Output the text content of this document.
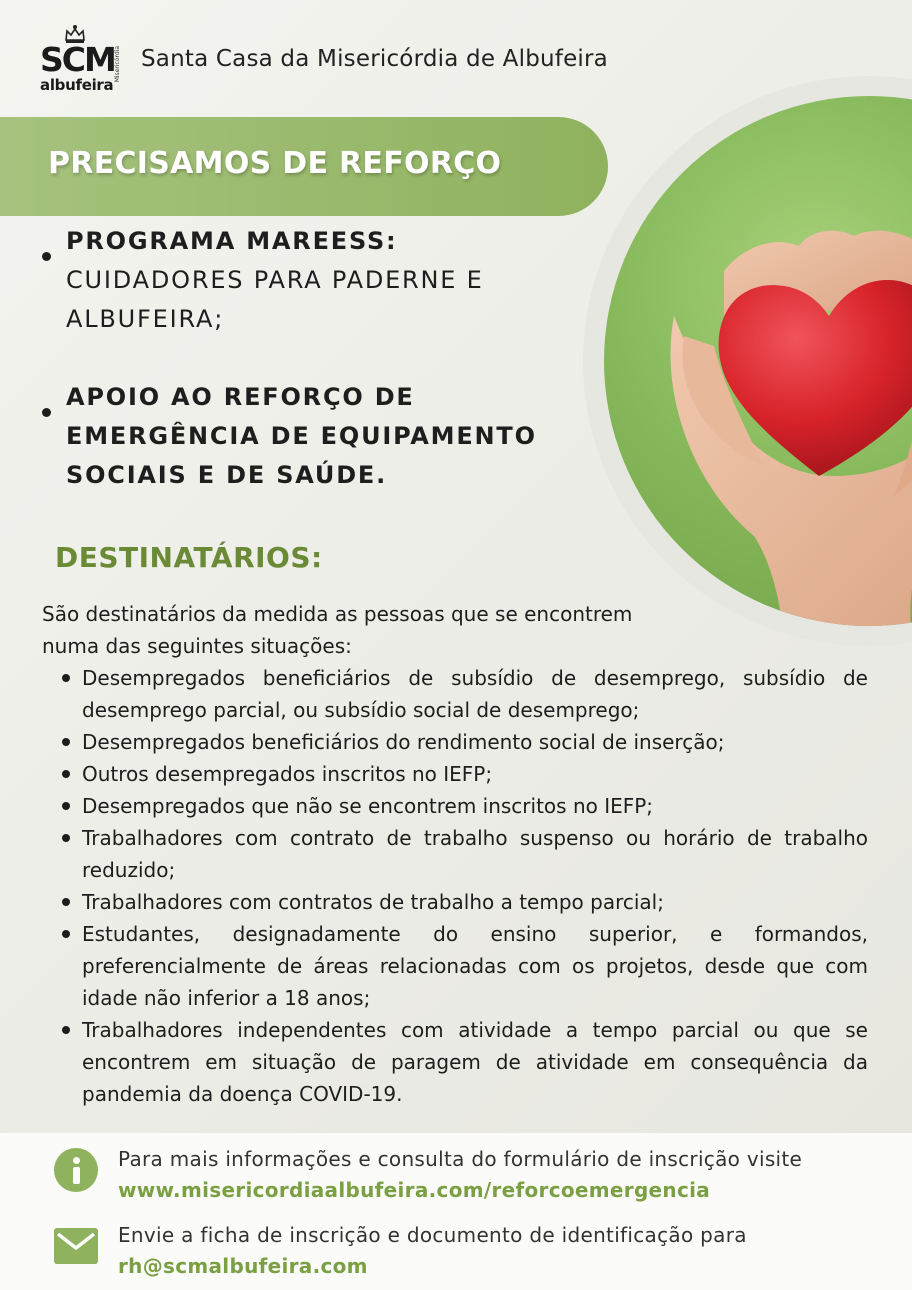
SCM Misericórdia
albufeira
Santa Casa da Misericórdia de Albufeira
PRECISAMOS DE REFORÇO
PROGRAMA MAREESS:
CUIDADORES PARA PADERNE E
ALBUFEIRA;
APOIO AO REFORÇO DE
EMERGÊNCIA DE EQUIPAMENTO
SOCIAIS E DE SAÚDE.
DESTINATÁRIOS:
São destinatários da medida as pessoas que se encontrem
numa das seguintes situações:
Desempregados beneficiários de subsídio de desemprego, subsídio de desemprego parcial, ou subsídio social de desemprego;
Desempregados beneficiários do rendimento social de inserção;
Outros desempregados inscritos no IEFP;
Desempregados que não se encontrem inscritos no IEFP;
Trabalhadores com contrato de trabalho suspenso ou horário de trabalho reduzido;
Trabalhadores com contratos de trabalho a tempo parcial;
Estudantes, designadamente do ensino superior, e formandos, preferencialmente de áreas relacionadas com os projetos, desde que com idade não inferior a 18 anos;
Trabalhadores independentes com atividade a tempo parcial ou que se encontrem em situação de paragem de atividade em consequência da pandemia da doença COVID-19.
Para mais informações e consulta do formulário de inscrição visite
www.misericordiaalbufeira.com/reforcoemergencia
Envie a ficha de inscrição e documento de identificação para
rh@scmalbufeira.com
